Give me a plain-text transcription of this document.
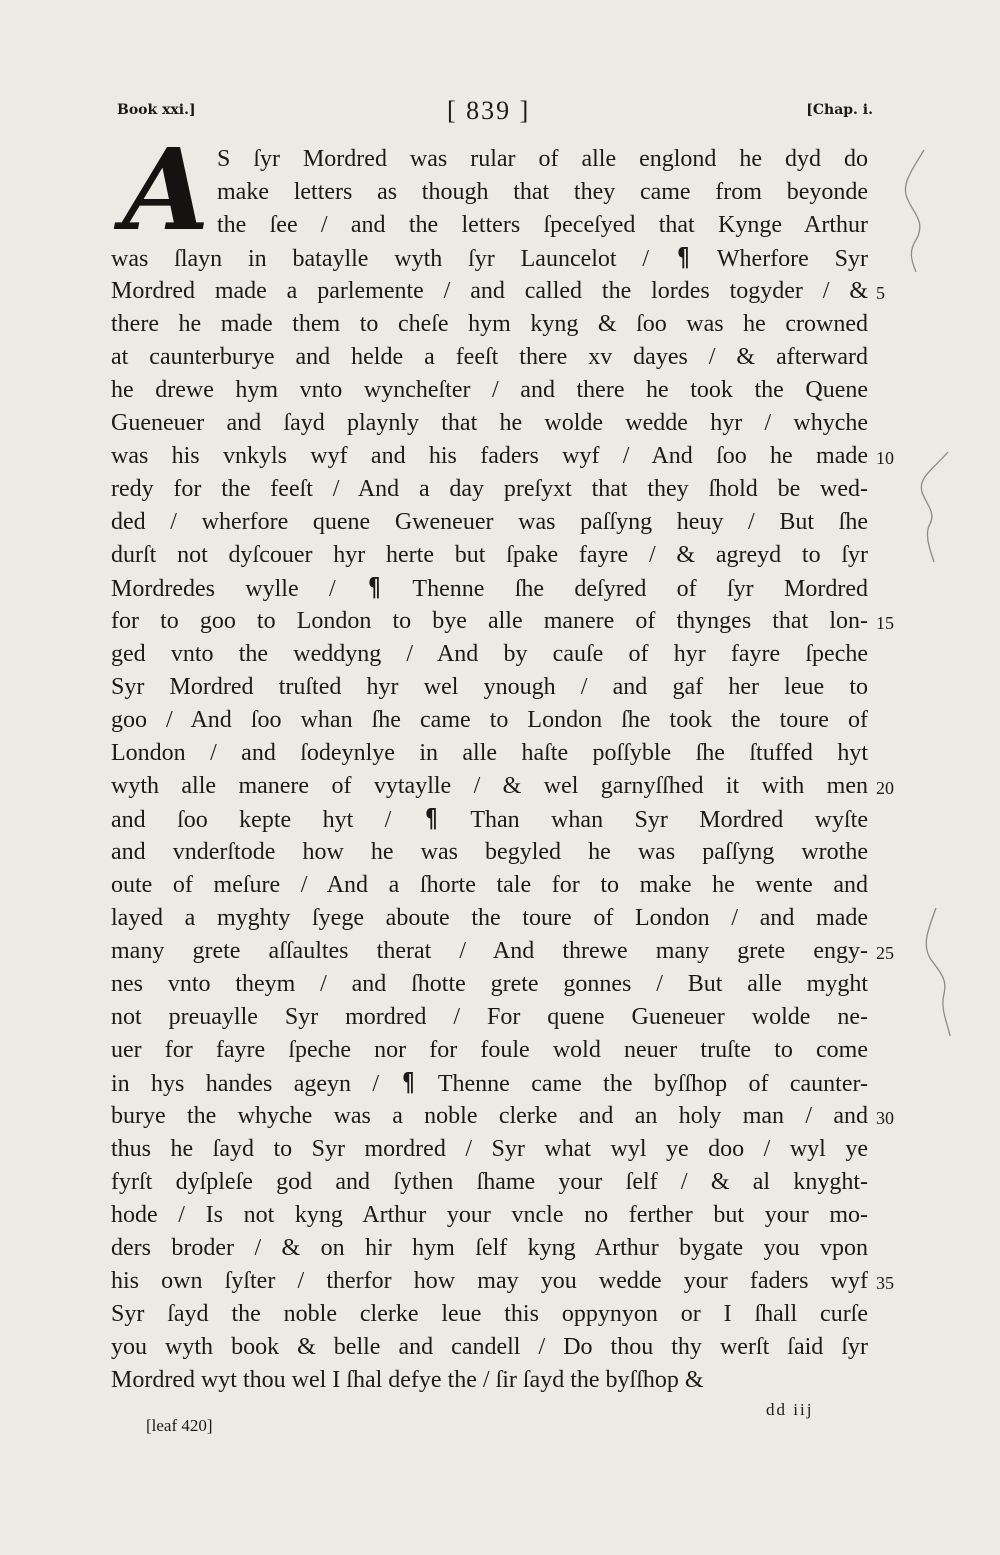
Book xxi.]	[ 839 ]	[Chap. i.
A S ſyr Mordred was rular of alle englond he dyd do
make letters as though that they came from beyonde
the ſee / and the letters ſpeceſyed that Kynge Arthur
was ſlayn in bataylle wyth ſyr Launcelot / ¶ Wherfore Syr
Mordred made a parlemente / and called the lordes togyder / &
there he made them to cheſe hym kyng & ſoo was he crowned
at caunterburye and helde a feeſt there xv dayes / & afterward
he drewe hym vnto wyncheſter / and there he took the Quene
Gueneuer and ſayd playnly that he wolde wedde hyr / whyche
was his vnkyls wyf and his faders wyf / And ſoo he made
redy for the feeſt / And a day preſyxt that they ſhold be wed-
ded / wherfore quene Gweneuer was paſſyng heuy / But ſhe
durſt not dyſcouer hyr herte but ſpake fayre / & agreyd to ſyr
Mordredes wylle / ¶ Thenne ſhe deſyred of ſyr Mordred
for to goo to London to bye alle manere of thynges that lon-
ged vnto the weddyng / And by cauſe of hyr fayre ſpeche
Syr Mordred truſted hyr wel ynough / and gaf her leue to
goo / And ſoo whan ſhe came to London ſhe took the toure of
London / and ſodeynlye in alle haſte poſſyble ſhe ſtuffed hyt
wyth alle manere of vytaylle / & wel garnyſſhed it with men
and ſoo kepte hyt / ¶ Than whan Syr Mordred wyſte
and vnderſtode how he was begyled he was paſſyng wrothe
oute of meſure / And a ſhorte tale for to make he wente and
layed a myghty ſyege aboute the toure of London / and made
many grete aſſaultes therat / And threwe many grete engy-
nes vnto theym / and ſhotte grete gonnes / But alle myght
not preuaylle Syr mordred / For quene Gueneuer wolde ne-
uer for fayre ſpeche nor for foule wold neuer truſte to come
in hys handes ageyn / ¶ Thenne came the byſſhop of caunter-
burye the whyche was a noble clerke and an holy man / and
thus he ſayd to Syr mordred / Syr what wyl ye doo / wyl ye
fyrſt dyſpleſe god and ſythen ſhame your ſelf / & al knyght-
hode / Is not kyng Arthur your vncle no ferther but your mo-
ders broder / & on hir hym ſelf kyng Arthur bygate you vpon
his own ſyſter / therfor how may you wedde your faders wyf
Syr ſayd the noble clerke leue this oppynyon or I ſhall curſe
you wyth book & belle and candell / Do thou thy werſt ſaid ſyr
Mordred wyt thou wel I ſhal defye the / ſir ſayd the byſſhop &
5
10
15
20
25
30
35
[leaf 420]
dd iij
